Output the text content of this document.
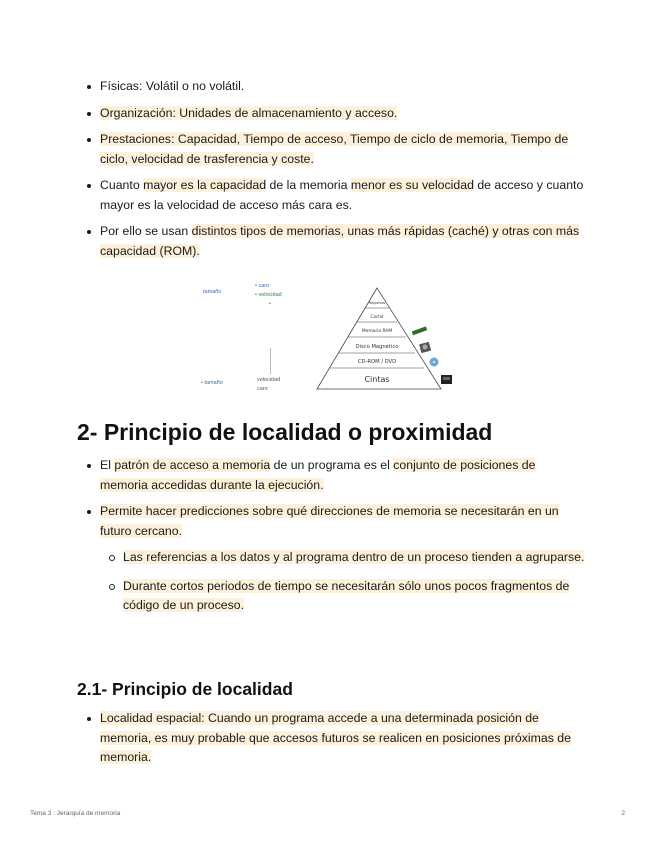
Físicas: Volátil o no volátil.
Organización: Unidades de almacenamiento y acceso.
Prestaciones: Capacidad, Tiempo de acceso, Tiempo de ciclo de memoria, Tiempo de ciclo, velocidad de trasferencia y coste.
Cuanto mayor es la capacidad de la memoria menor es su velocidad de acceso y cuanto mayor es la velocidad de acceso más cara es.
Por ello se usan distintos tipos de memorias, unas más rápidas (caché) y otras con más capacidad (ROM).
tamaño
• caro
• velocidad
•
• tamaño	velocidad
caro
Registros
Caché
Memoria RAM
Disco Magnético
CD-ROM / DVD
Cintas
2- Principio de localidad o proximidad
El patrón de acceso a memoria de un programa es el conjunto de posiciones de memoria accedidas durante la ejecución.
Permite hacer predicciones sobre qué direcciones de memoria se necesitarán en un futuro cercano.
Las referencias a los datos y al programa dentro de un proceso tienden a agruparse.
Durante cortos periodos de tiempo se necesitarán sólo unos pocos fragmentos de código de un proceso.
2.1- Principio de localidad
Localidad espacial: Cuando un programa accede a una determinada posición de memoria, es muy probable que accesos futuros se realicen en posiciones próximas de memoria.
Tema 3 : Jerarquía de memoria	2
